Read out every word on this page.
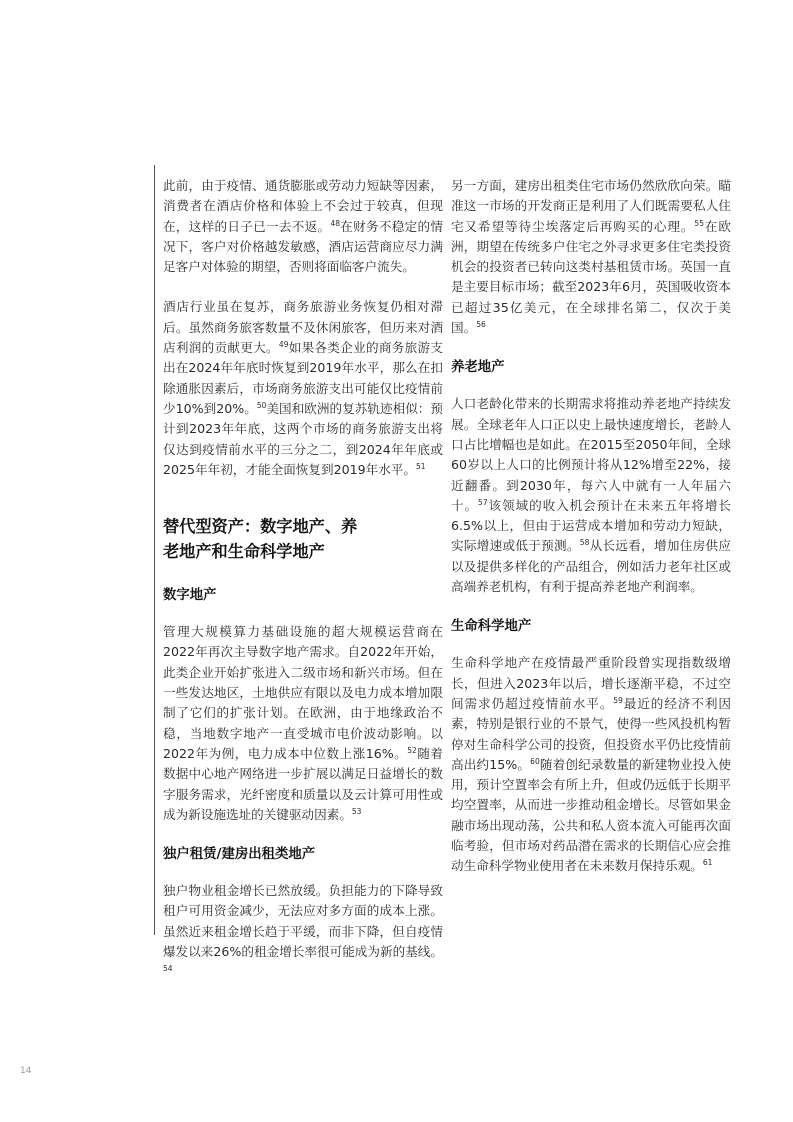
此前，由于疫情、通货膨胀或劳动力短缺等因素，消费者在酒店价格和体验上不会过于较真，但现在，这样的日子已一去不返。$^{48}$在财务不稳定的情况下，客户对价格越发敏感，酒店运营商应尽力满足客户对体验的期望，否则将面临客户流失。

酒店行业虽在复苏，商务旅游业务恢复仍相对滞后。虽然商务旅客数量不及休闲旅客，但历来对酒店利润的贡献更大。$^{49}$如果各类企业的商务旅游支出在2024年年底时恢复到2019年水平，那么在扣除通胀因素后，市场商务旅游支出可能仅比疫情前少10%到20%。$^{50}$美国和欧洲的复苏轨迹相似：预计到2023年年底，这两个市场的商务旅游支出将仅达到疫情前水平的三分之二，到2024年年底或2025年年初，才能全面恢复到2019年水平。$^{51}$

替代型资产：数字地产、养老地产和生命科学地产
数字地产

管理大规模算力基础设施的超大规模运营商在2022年再次主导数字地产需求。自2022年开始，此类企业开始扩张进入二级市场和新兴市场。但在一些发达地区，土地供应有限以及电力成本增加限制了它们的扩张计划。在欧洲，由于地缘政治不稳，当地数字地产一直受城市电价波动影响。以2022年为例，电力成本中位数上涨16%。$^{52}$随着数据中心地产网络进一步扩展以满足日益增长的数字服务需求，光纤密度和质量以及云计算可用性或成为新设施选址的关键驱动因素。$^{53}$

独户租赁/建房出租类地产

独户物业租金增长已然放缓。负担能力的下降导致租户可用资金减少，无法应对多方面的成本上涨。虽然近来租金增长趋于平缓，而非下降，但自疫情爆发以来26%的租金增长率很可能成为新的基线。$^{54}$

另一方面，建房出租类住宅市场仍然欣欣向荣。瞄准这一市场的开发商正是利用了人们既需要私人住宅又希望等待尘埃落定后再购买的心理。$^{55}$在欧洲，期望在传统多户住宅之外寻求更多住宅类投资机会的投资者已转向这类村基租赁市场。英国一直是主要目标市场；截至2023年6月，英国吸收资本已超过35亿美元，在全球排名第二，仅次于美国。$^{56}$

养老地产

人口老龄化带来的长期需求将推动养老地产持续发展。全球老年人口正以史上最快速度增长，老龄人口占比增幅也是如此。在2015至2050年间，全球60岁以上人口的比例预计将从12%增至22%，接近翻番。到2030年，每六人中就有一人年届六十。$^{57}$该领域的收入机会预计在未来五年将增长6.5%以上，但由于运营成本增加和劳动力短缺，实际增速或低于预测。$^{58}$从长远看，增加住房供应以及提供多样化的产品组合，例如活力老年社区或高端养老机构，有利于提高养老地产利润率。

生命科学地产

生命科学地产在疫情最严重阶段曾实现指数级增长，但进入2023年以后，增长逐渐平稳，不过空间需求仍超过疫情前水平。$^{59}$最近的经济不利因素，特别是银行业的不景气，使得一些风投机构暂停对生命科学公司的投资，但投资水平仍比疫情前高出约15%。$^{60}$随着创纪录数量的新建物业投入使用，预计空置率会有所上升，但或仍远低于长期平均空置率，从而进一步推动租金增长。尽管如果金融市场出现动荡，公共和私人资本流入可能再次面临考验，但市场对药品潜在需求的长期信心应会推动生命科学物业使用者在未来数月保持乐观。$^{61}$

14
